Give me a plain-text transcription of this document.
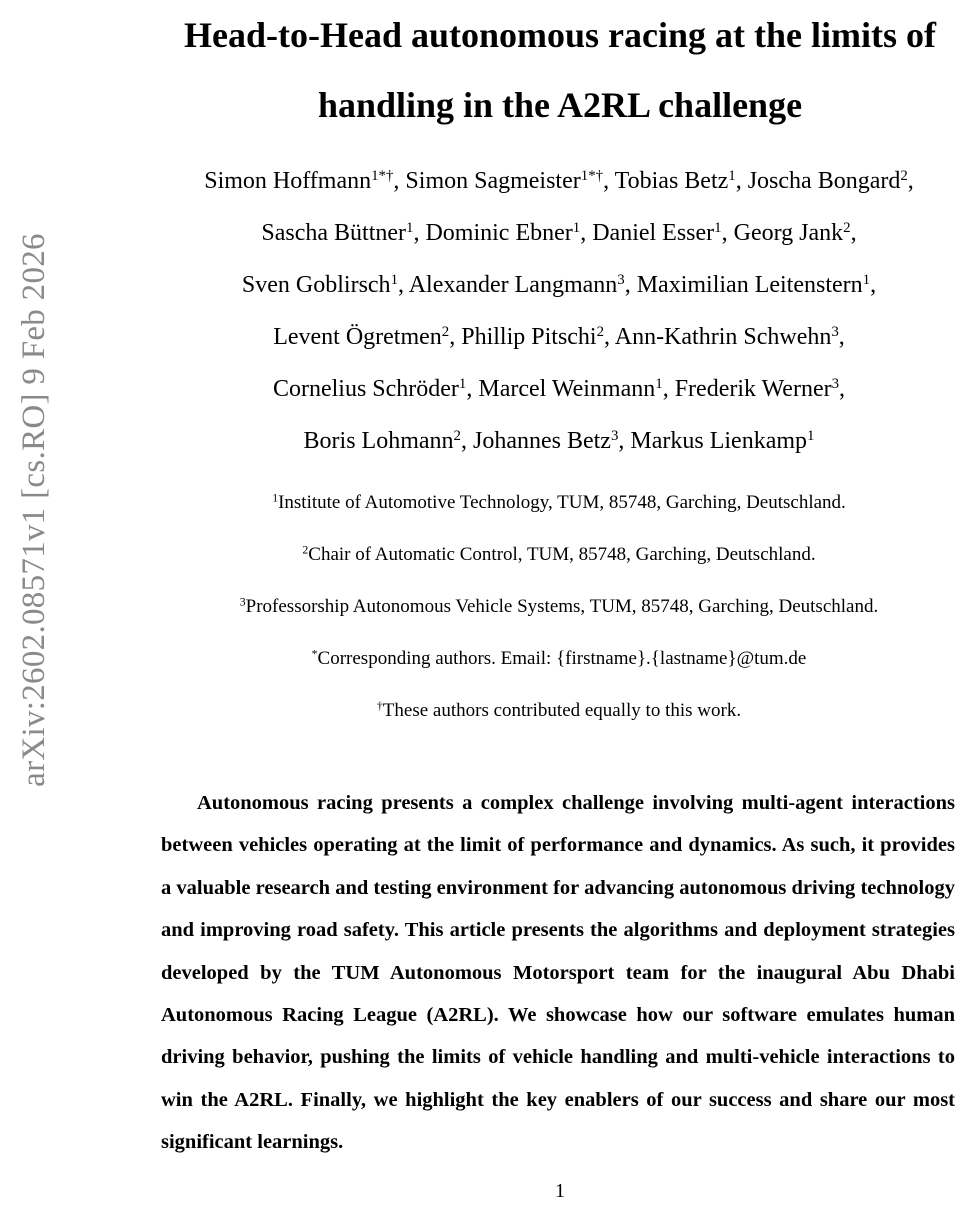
arXiv:2602.08571v1 [cs.RO] 9 Feb 2026
Head-to-Head autonomous racing at the limits of
handling in the A2RL challenge
Simon Hoffmann$^{1*\dagger}$, Simon Sagmeister$^{1*\dagger}$, Tobias Betz$^1$, Joscha Bongard$^2$,
Sascha Büttner$^1$, Dominic Ebner$^1$, Daniel Esser$^1$, Georg Jank$^2$,
Sven Goblirsch$^1$, Alexander Langmann$^3$, Maximilian Leitenstern$^1$,
Levent Ögretmen$^2$, Phillip Pitschi$^2$, Ann-Kathrin Schwehn$^3$,
Cornelius Schröder$^1$, Marcel Weinmann$^1$, Frederik Werner$^3$,
Boris Lohmann$^2$, Johannes Betz$^3$, Markus Lienkamp$^1$
$^1$Institute of Automotive Technology, TUM, 85748, Garching, Deutschland.
$^2$Chair of Automatic Control, TUM, 85748, Garching, Deutschland.
$^3$Professorship Autonomous Vehicle Systems, TUM, 85748, Garching, Deutschland.
*Corresponding authors. Email: {firstname}.{lastname}@tum.de
†These authors contributed equally to this work.

Autonomous racing presents a complex challenge involving multi-agent interactions between vehicles operating at the limit of performance and dynamics. As such, it provides a valuable research and testing environment for advancing autonomous driving technology and improving road safety. This article presents the algorithms and deployment strategies developed by the TUM Autonomous Motorsport team for the inaugural Abu Dhabi Autonomous Racing League (A2RL). We showcase how our software emulates human driving behavior, pushing the limits of vehicle handling and multi-vehicle interactions to win the A2RL. Finally, we highlight the key enablers of our success and share our most significant learnings.

1
